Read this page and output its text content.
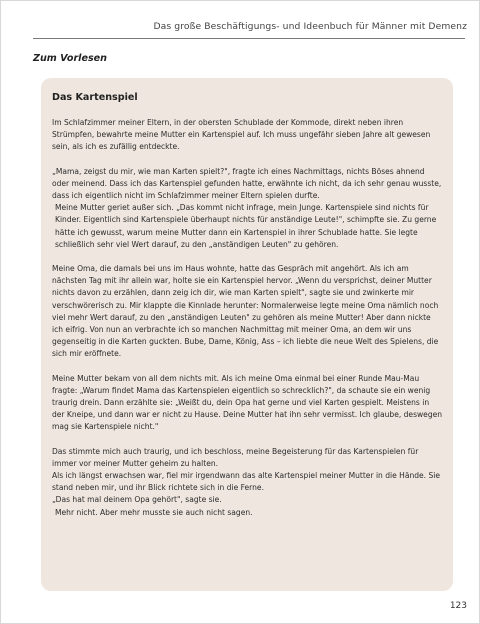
Das große Beschäftigungs- und Ideenbuch für Männer mit Demenz
Zum Vorlesen
Das Kartenspiel

Im Schlafzimmer meiner Eltern, in der obersten Schublade der Kommode, direkt neben ihren Strümpfen, bewahrte meine Mutter ein Kartenspiel auf. Ich muss ungefähr sieben Jahre alt gewesen sein, als ich es zufällig entdeckte.

„Mama, zeigst du mir, wie man Karten spielt?", fragte ich eines Nachmittags, nichts Böses ahnend oder meinend. Dass ich das Kartenspiel gefunden hatte, erwähnte ich nicht, da ich sehr genau wusste, dass ich eigentlich nicht im Schlafzimmer meiner Eltern spielen durfte.

Meine Mutter geriet außer sich. „Das kommt nicht infrage, mein Junge. Kartenspiele sind nichts für Kinder. Eigentlich sind Kartenspiele überhaupt nichts für anständige Leute!", schimpfte sie. Zu gerne hätte ich gewusst, warum meine Mutter dann ein Kartenspiel in ihrer Schublade hatte. Sie legte schließlich sehr viel Wert darauf, zu den „anständigen Leuten" zu gehören.

Meine Oma, die damals bei uns im Haus wohnte, hatte das Gespräch mit angehört. Als ich am nächsten Tag mit ihr allein war, holte sie ein Kartenspiel hervor. „Wenn du versprichst, deiner Mutter nichts davon zu erzählen, dann zeig ich dir, wie man Karten spielt", sagte sie und zwinkerte mir verschwörerisch zu. Mir klappte die Kinnlade herunter: Normalerweise legte meine Oma nämlich noch viel mehr Wert darauf, zu den „anständigen Leuten" zu gehören als meine Mutter! Aber dann nickte ich eifrig. Von nun an verbrachte ich so manchen Nachmittag mit meiner Oma, an dem wir uns gegenseitig in die Karten guckten. Bube, Dame, König, Ass – ich liebte die neue Welt des Spielens, die sich mir eröffnete.

Meine Mutter bekam von all dem nichts mit. Als ich meine Oma einmal bei einer Runde Mau-Mau fragte: „Warum findet Mama das Kartenspielen eigentlich so schrecklich?", da schaute sie ein wenig traurig drein. Dann erzählte sie: „Weißt du, dein Opa hat gerne und viel Karten gespielt. Meistens in der Kneipe, und dann war er nicht zu Hause. Deine Mutter hat ihn sehr vermisst. Ich glaube, deswegen mag sie Kartenspiele nicht."

Das stimmte mich auch traurig, und ich beschloss, meine Begeisterung für das Kartenspielen für immer vor meiner Mutter geheim zu halten.

Als ich längst erwachsen war, fiel mir irgendwann das alte Kartenspiel meiner Mutter in die Hände. Sie stand neben mir, und ihr Blick richtete sich in die Ferne.

„Das hat mal deinem Opa gehört", sagte sie.

Mehr nicht. Aber mehr musste sie auch nicht sagen.

123
